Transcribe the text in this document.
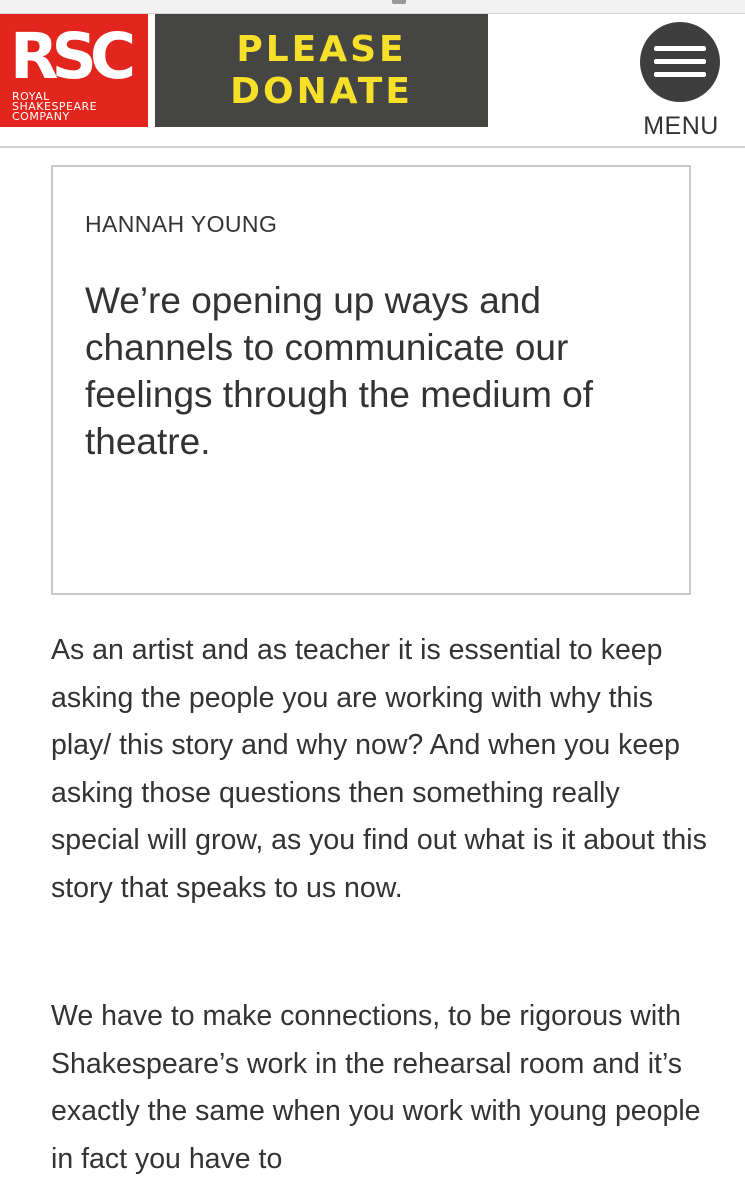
RSC
ROYAL
SHAKESPEARE
COMPANY
PLEASE
DONATE
MENU
HANNAH YOUNG

We’re opening up ways and channels to communicate our feelings through the medium of theatre.

As an artist and as teacher it is essential to keep asking the people you are working with why this play/ this story and why now? And when you keep asking those questions then something really special will grow, as you find out what is it about this story that speaks to us now.

We have to make connections, to be rigorous with Shakespeare’s work in the rehearsal room and it’s exactly the same when you work with young people in fact you have to
